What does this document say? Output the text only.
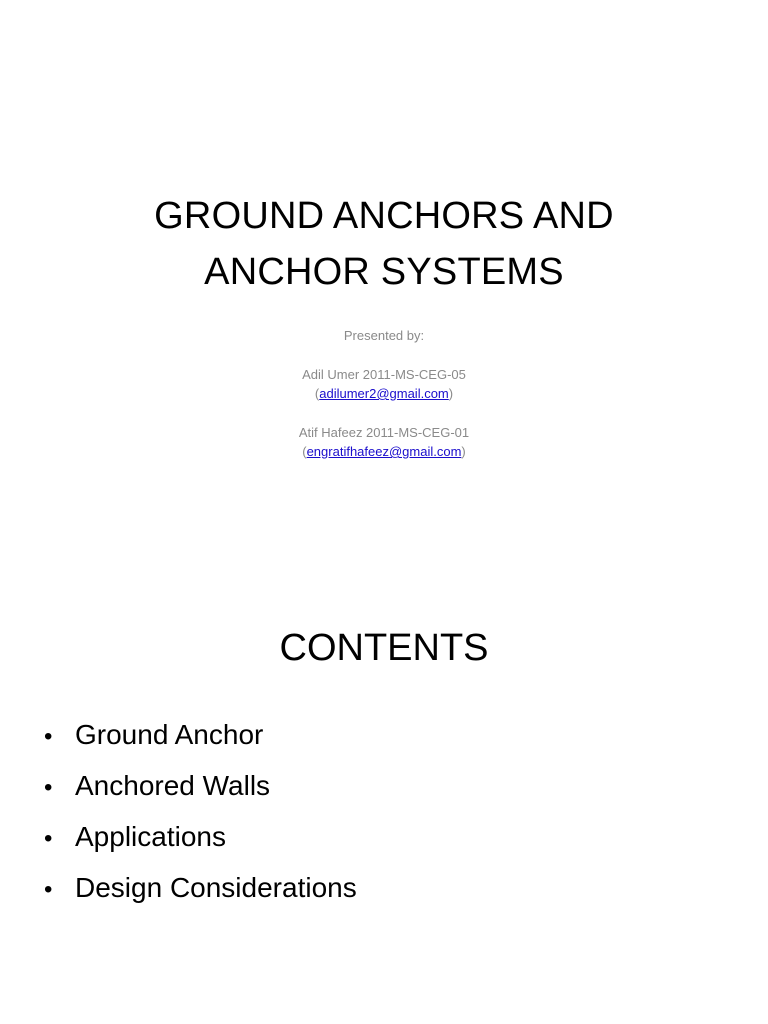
GROUND ANCHORS AND
ANCHOR SYSTEMS
Presented by:
Adil Umer 2011-MS-CEG-05
(adilumer2@gmail.com)
Atif Hafeez 2011-MS-CEG-01
(engratifhafeez@gmail.com)
CONTENTS
• Ground Anchor
• Anchored Walls
• Applications
• Design Considerations
